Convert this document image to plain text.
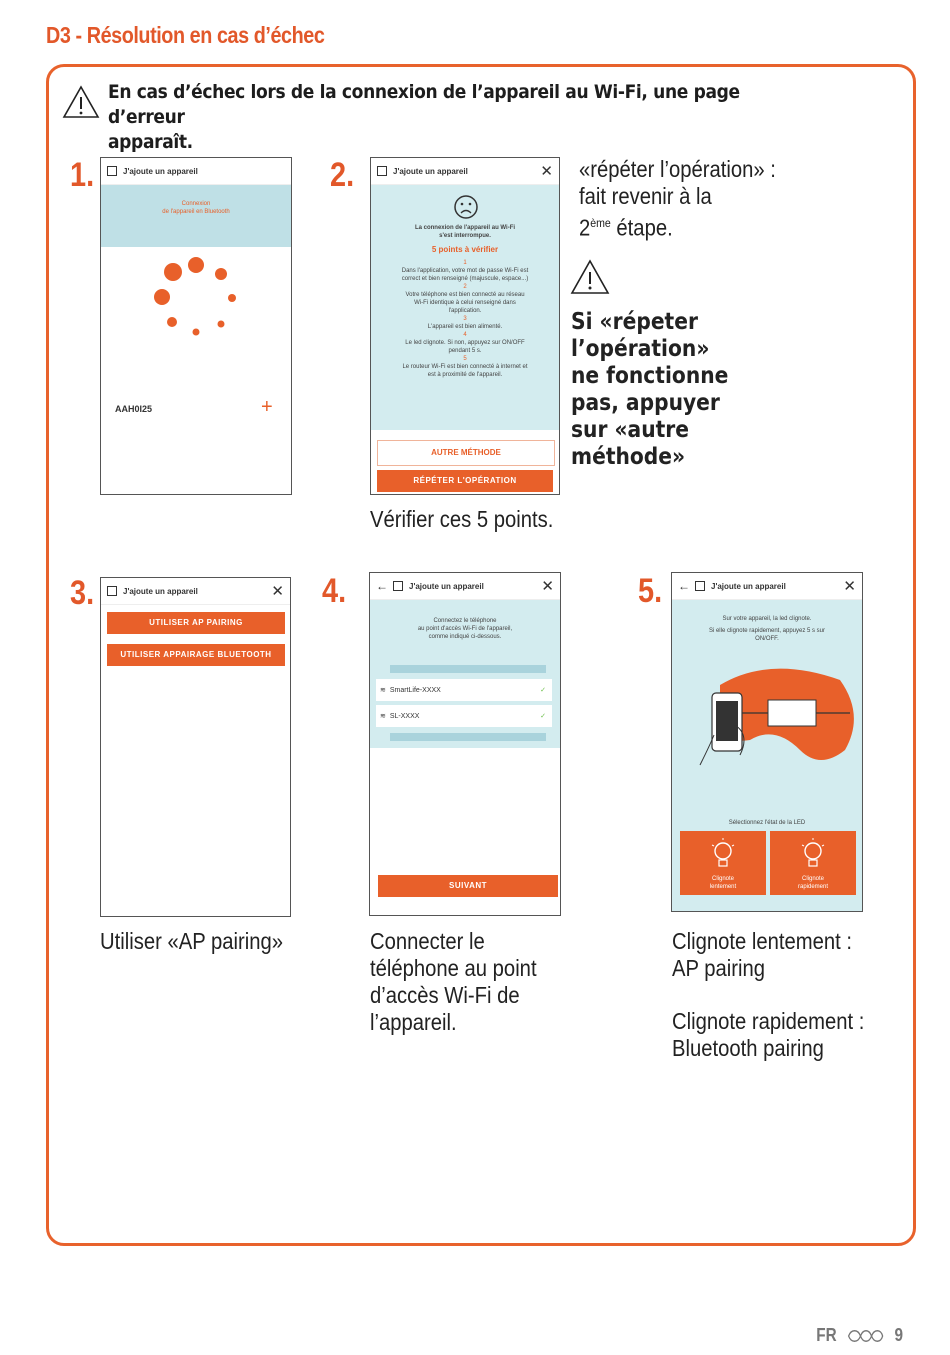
D3 - Résolution en cas d’échec
En cas d’échec lors de la connexion de l’appareil au Wi-Fi, une page d’erreur
apparaît.
1.	J'ajoute un appareil
Connexion
de l'appareil en Bluetooth
AAH0I25	+
2.	J'ajoute un appareil	✕
La connexion de l'appareil au Wi-Fi
s'est interrompue.
5 points à vérifier
1
Dans l'application, votre mot de passe Wi-Fi est
correct et bien renseigné (majuscule, espace...)
2
Votre téléphone est bien connecté au réseau
Wi-Fi identique à celui renseigné dans
l'application.
3
L'appareil est bien alimenté.
4
Le led clignote. Si non, appuyez sur ON/OFF
pendant 5 s.
5
Le routeur Wi-Fi est bien connecté à internet et
est à proximité de l'appareil.
AUTRE MÉTHODE
RÉPÉTER L'OPÉRATION
Vérifier ces 5 points.
«répéter l’opération» :
fait revenir à la
2ème étape.
Si «répeter
l’opération»
ne fonctionne
pas, appuyer
sur «autre
méthode»
3.	J'ajoute un appareil	✕
UTILISER AP PAIRING
UTILISER APPAIRAGE BLUETOOTH
Utiliser «AP pairing»
4. ←	J'ajoute un appareil	✕
Connectez le téléphone
au point d'accès Wi-Fi de l'appareil,
comme indiqué ci-dessous.
≋ SmartLife-XXXX	✓
≋ SL-XXXX	✓
SUIVANT
Connecter le
téléphone au point
d’accès Wi-Fi de
l’appareil.
5. ←	J'ajoute un appareil	✕
Sur votre appareil, la led clignote.
Si elle clignote rapidement, appuyez 5 s sur
ON/OFF.
Sélectionnez l'état de la LED
Clignote
lentement
Clignote
rapidement
Clignote lentement :
AP pairing
Clignote rapidement :
Bluetooth pairing
FR	9
